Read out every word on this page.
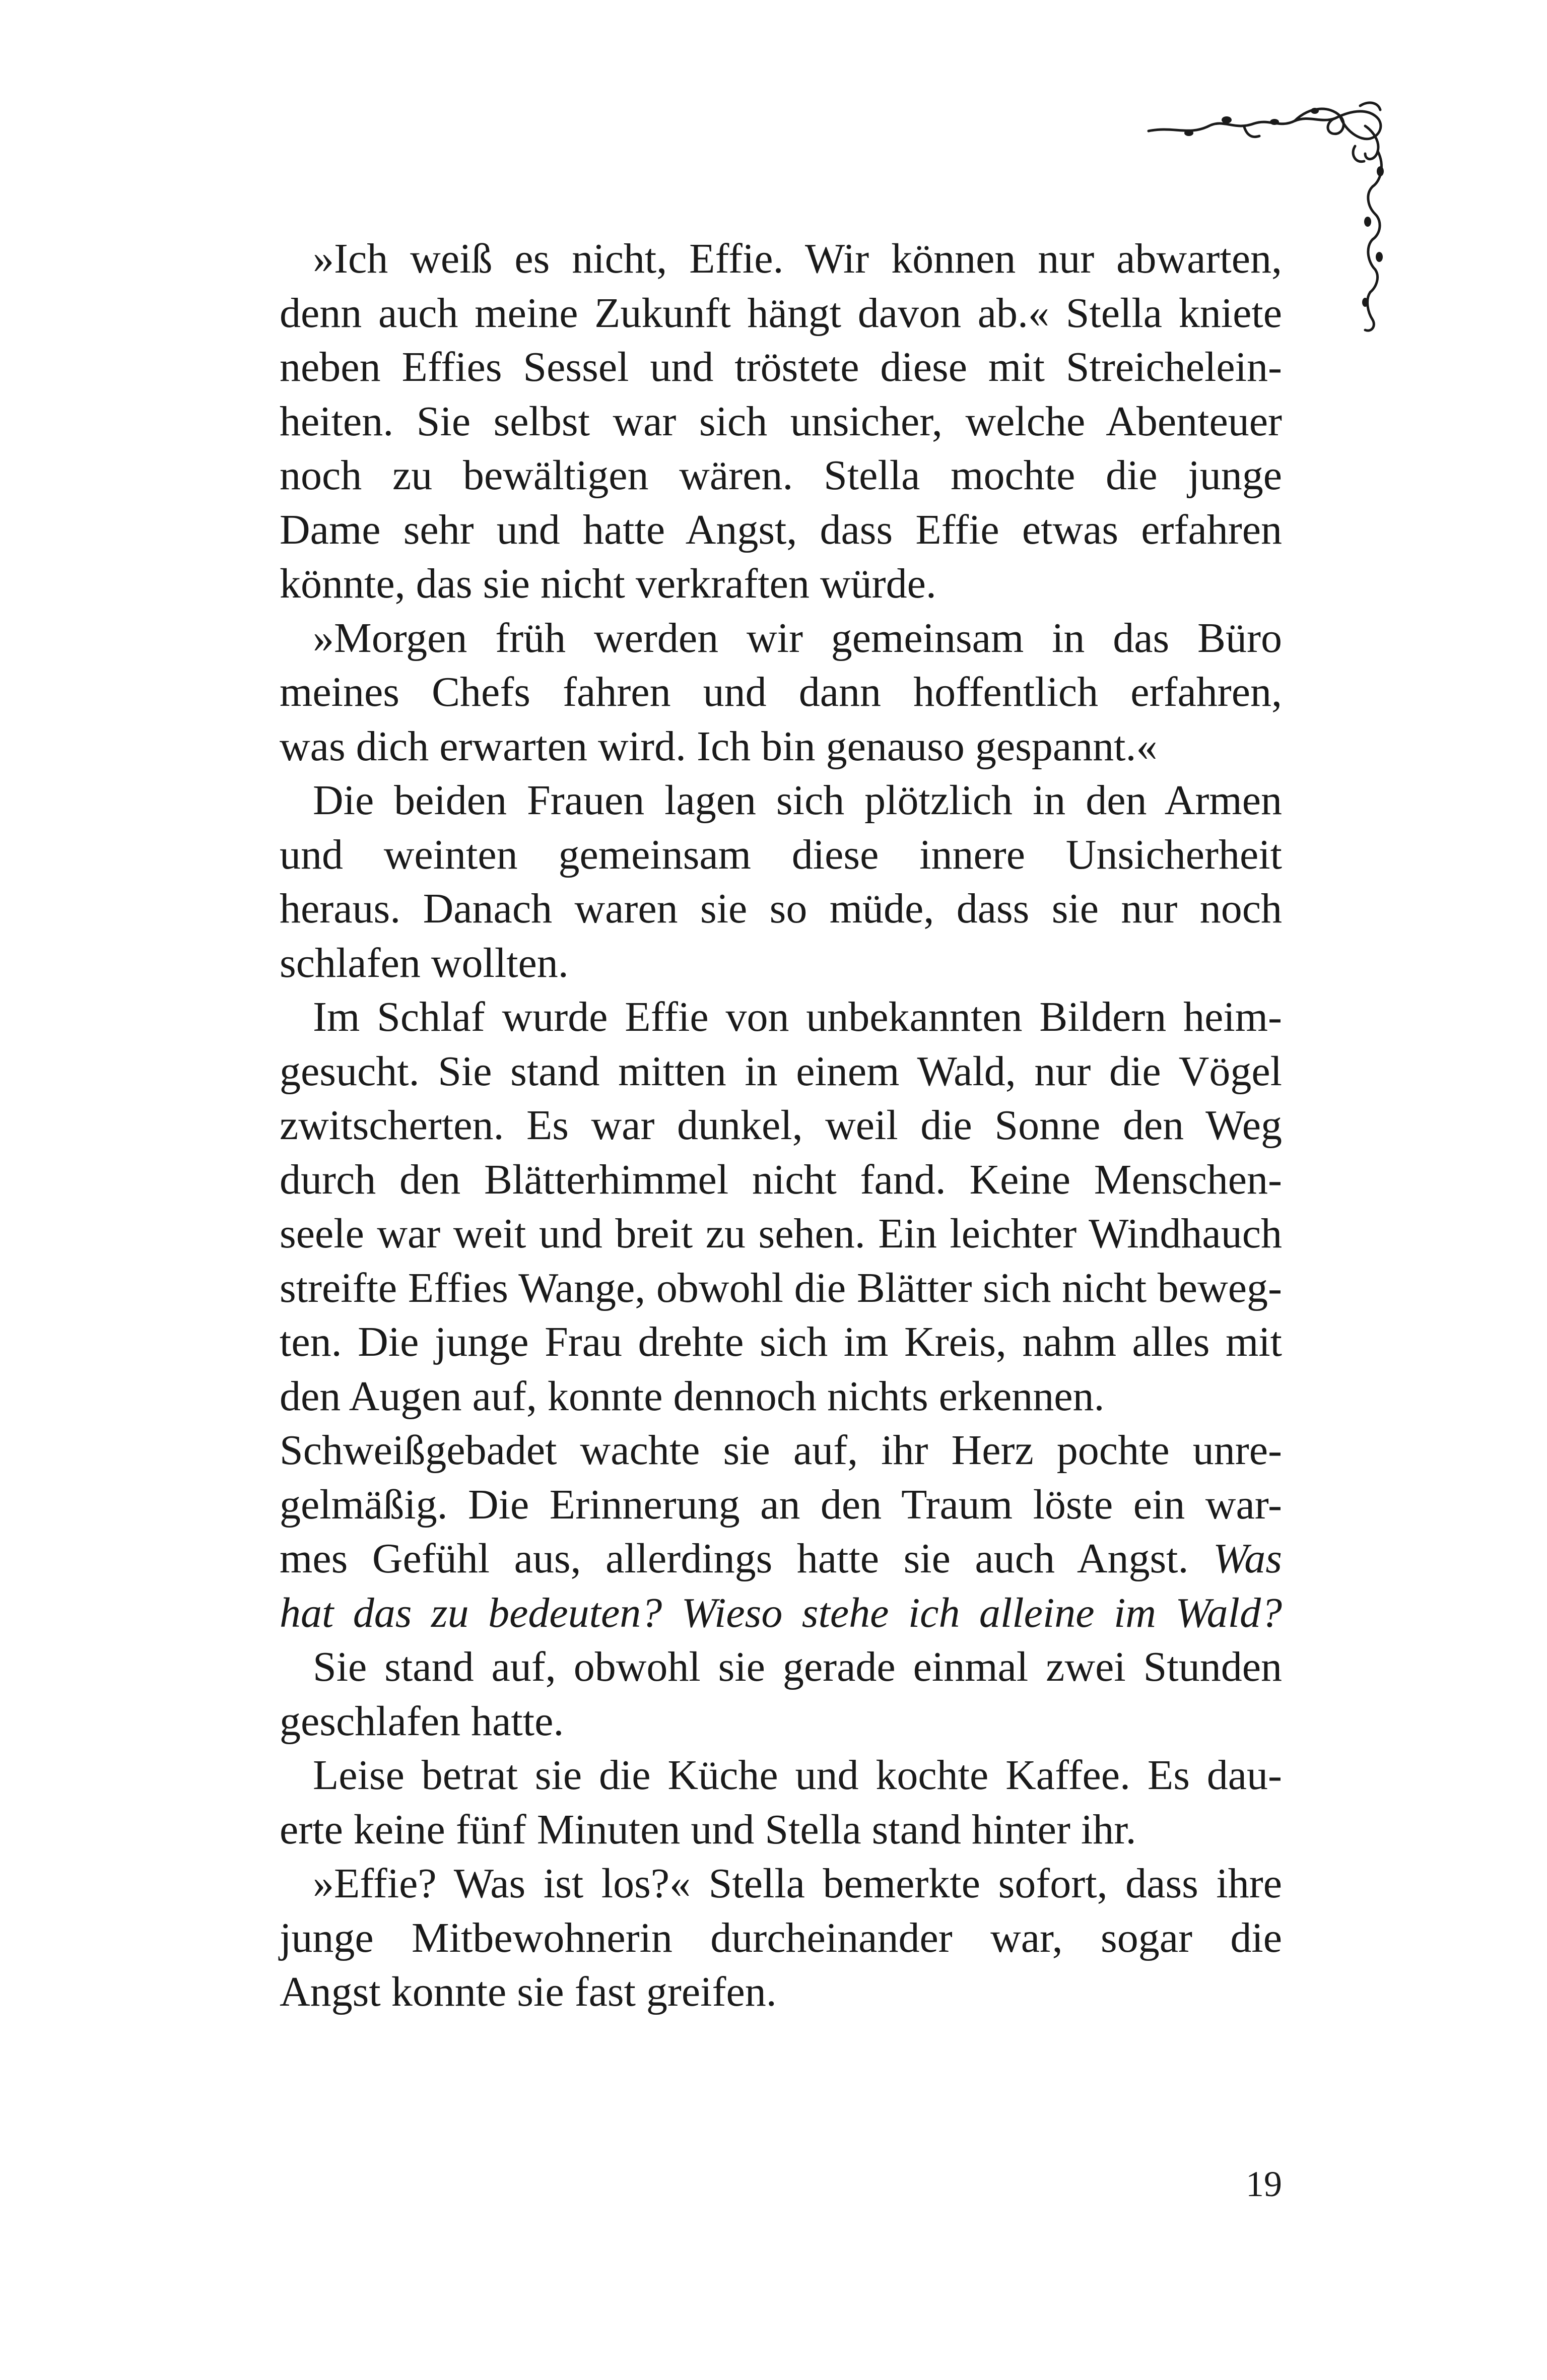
»Ich weiß es nicht, Effie. Wir können nur abwarten,
denn auch meine Zukunft hängt davon ab.« Stella kniete
neben Effies Sessel und tröstete diese mit Streichelein-
heiten. Sie selbst war sich unsicher, welche Abenteuer
noch zu bewältigen wären. Stella mochte die junge
Dame sehr und hatte Angst, dass Effie etwas erfahren
könnte, das sie nicht verkraften würde.

»Morgen früh werden wir gemeinsam in das Büro
meines Chefs fahren und dann hoffentlich erfahren,
was dich erwarten wird. Ich bin genauso gespannt.«

Die beiden Frauen lagen sich plötzlich in den Armen
und weinten gemeinsam diese innere Unsicherheit
heraus. Danach waren sie so müde, dass sie nur noch
schlafen wollten.

Im Schlaf wurde Effie von unbekannten Bildern heim-
gesucht. Sie stand mitten in einem Wald, nur die Vögel
zwitscherten. Es war dunkel, weil die Sonne den Weg
durch den Blätterhimmel nicht fand. Keine Menschen-
seele war weit und breit zu sehen. Ein leichter Windhauch
streifte Effies Wange, obwohl die Blätter sich nicht beweg-
ten. Die junge Frau drehte sich im Kreis, nahm alles mit
den Augen auf, konnte dennoch nichts erkennen.
Schweißgebadet wachte sie auf, ihr Herz pochte unre-
gelmäßig. Die Erinnerung an den Traum löste ein war-
mes Gefühl aus, allerdings hatte sie auch Angst. Was
hat das zu bedeuten? Wieso stehe ich alleine im Wald?

Sie stand auf, obwohl sie gerade einmal zwei Stunden
geschlafen hatte.

Leise betrat sie die Küche und kochte Kaffee. Es dau-
erte keine fünf Minuten und Stella stand hinter ihr.

»Effie? Was ist los?« Stella bemerkte sofort, dass ihre
junge Mitbewohnerin durcheinander war, sogar die
Angst konnte sie fast greifen.

19
